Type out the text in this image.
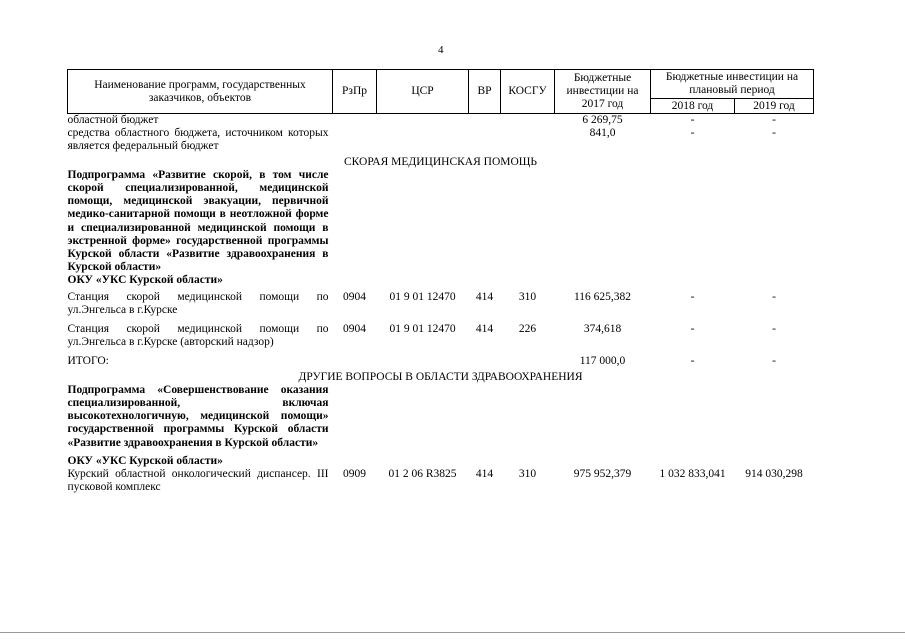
4
Наименование программ, государственных заказчиков, объектов	РзПр	ЦСР	ВР	КОСГУ	Бюджетные инвестиции на 2017 год	Бюджетные инвестиции на плановый период	
						2018 год	2019 год
областной бюджет					6 269,75	-	-
средства областного бюджета, источником которых является федеральный бюджет					841,0	-	-
СКОРАЯ МЕДИЦИНСКАЯ ПОМОЩЬ							
Подпрограмма «Развитие скорой, в том числе скорой специализированной, медицинской помощи, медицинской эвакуации, первичной медико-санитарной помощи в неотложной форме и специализированной медицинской помощи в экстренной форме» государственной программы Курской области «Развитие здравоохранения в Курской области»							
ОКУ «УКС Курской области»							
Станция скорой медицинской помощи по ул.Энгельса в г.Курске	0904	01 9 01 12470	414	310	116 625,382	-	-
Станция скорой медицинской помощи по ул.Энгельса в г.Курске (авторский надзор)	0904	01 9 01 12470	414	226	374,618	-	-
ИТОГО:					117 000,0	-	-
ДРУГИЕ ВОПРОСЫ В ОБЛАСТИ ЗДРАВООХРАНЕНИЯ							
Подпрограмма «Совершенствование оказания специализированной, включая высокотехнологичную, медицинской помощи» государственной программы Курской области «Развитие здравоохранения в Курской области»							
ОКУ «УКС Курской области»							
Курский областной онкологический диспансер. III пусковой комплекс	0909	01 2 06 R3825	414	310	975 952,379	1 032 833,041	914 030,298
